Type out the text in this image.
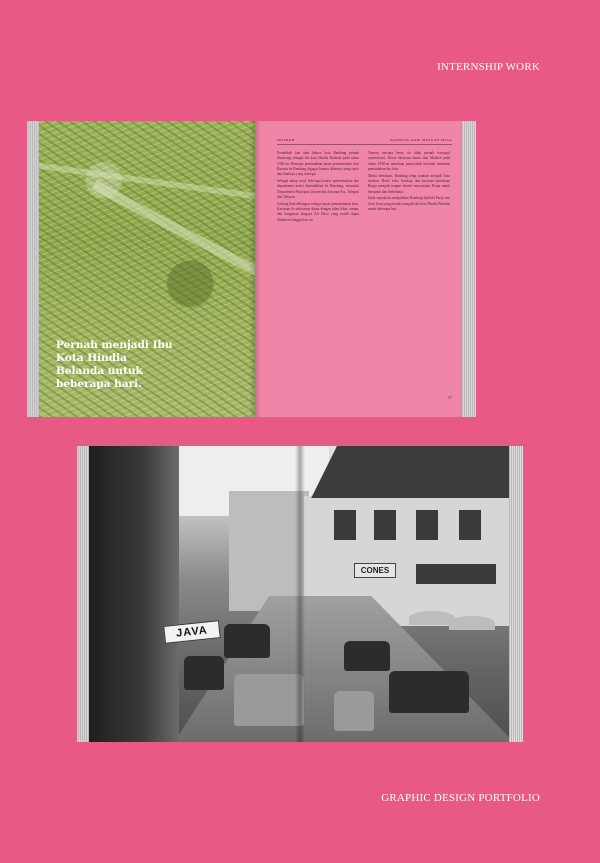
INTERNSHIP WORK
Pernah menjadi Ibu Kota Hindia Belanda untuk beberapa hari.
SEJARAH	BANDUNG DARI MASA KE MASA

Pernahkah kau tahu bahwa kota Bandung pernah dirancang sebagai ibu kota Hindia Belanda pada tahun 1920-an. Rencana pemindahan pusat pemerintahan dari Batavia ke Bandung digagas karena iklimnya yang sejuk dan letaknya yang strategis.

Sebagai tahap awal, beberapa kantor pemerintahan dan departemen mulai dipindahkan ke Bandung, termasuk Departemen Pekerjaan Umum dan Jawatan Pos, Telegraf dan Telepon.

Gedung Sate dibangun sebagai pusat pemerintahan baru. Kawasan di sekitarnya ditata dengan jalan lebar, taman, dan bangunan bergaya Art Deco yang masih dapat dinikmati hingga hari ini.

Namun rencana besar itu tidak pernah terwujud sepenuhnya. Krisis ekonomi dunia atau Malaise pada tahun 1930-an membuat pemerintah kolonial menunda pemindahan ibu kota.

Meski demikian, Bandung tetap tumbuh menjadi kota modern. Hotel, toko, bioskop, dan kawasan pertokoan Braga menjadi tempat favorit masyarakat Eropa untuk bersantai dan berbelanja.

Jejak sejarah ini menjadikan Bandung dijuluki Parijs van Java, kota yang pernah menjadi ibu kota Hindia Belanda untuk beberapa hari.

57
JAVA
CONES
GRAPHIC DESIGN PORTFOLIO
